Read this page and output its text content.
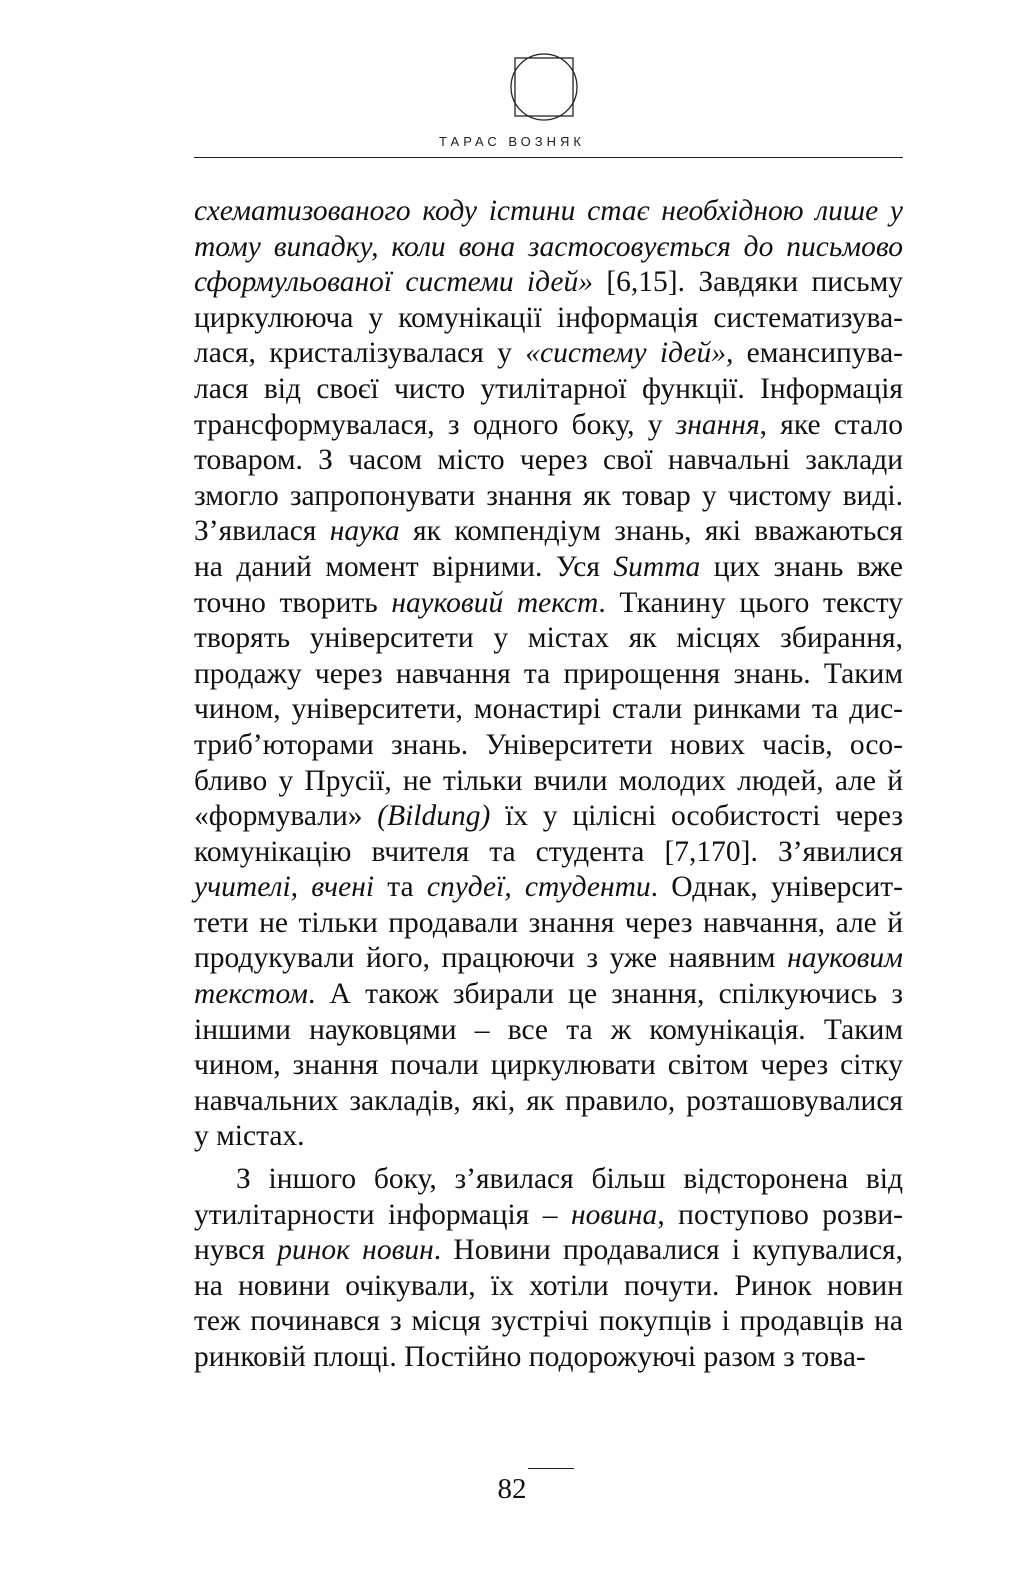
ТАРАС ВОЗНЯК
схематизованого коду істини стає необхідною лише у
тому випадку, коли вона застосовується до письмово
сформульованої системи ідей» [6,15]. Завдяки письму
циркулююча у комунікації інформація систематизува-
лася, кристалізувалася у «систему ідей», емансипува-
лася від своєї чисто утилітарної функції. Інформація
трансформувалася, з одного боку, у знання, яке стало
товаром. З часом місто через свої навчальні заклади
змогло запропонувати знання як товар у чистому виді.
З’явилася наука як компендіум знань, які вважаються
на даний момент вірними. Уся Summa цих знань вже
точно творить науковий текст. Тканину цього тексту
творять університети у містах як місцях збирання,
продажу через навчання та прирощення знань. Таким
чином, університети, монастирі стали ринками та дис-
триб’юторами знань. Університети нових часів, осо-
бливо у Прусії, не тільки вчили молодих людей, але й
«формували» (Bildung) їх у цілісні особистості через
комунікацію вчителя та студента [7,170]. З’явилися
учителі, вчені та спудеї, студенти. Однак, університ-
тети не тільки продавали знання через навчання, але й
продукували його, працюючи з уже наявним науковим
текстом. А також збирали це знання, спілкуючись з
іншими науковцями – все та ж комунікація. Таким
чином, знання почали циркулювати світом через сітку
навчальних закладів, які, як правило, розташовувалися
у містах.
З іншого боку, з’явилася більш відсторонена від
утилітарности інформація – новина, поступово розви-
нувся ринок новин. Новини продавалися і купувалися,
на новини очікували, їх хотіли почути. Ринок новин
теж починався з місця зустрічі покупців і продавців на
ринковій площі. Постійно подорожуючі разом з това-
82
